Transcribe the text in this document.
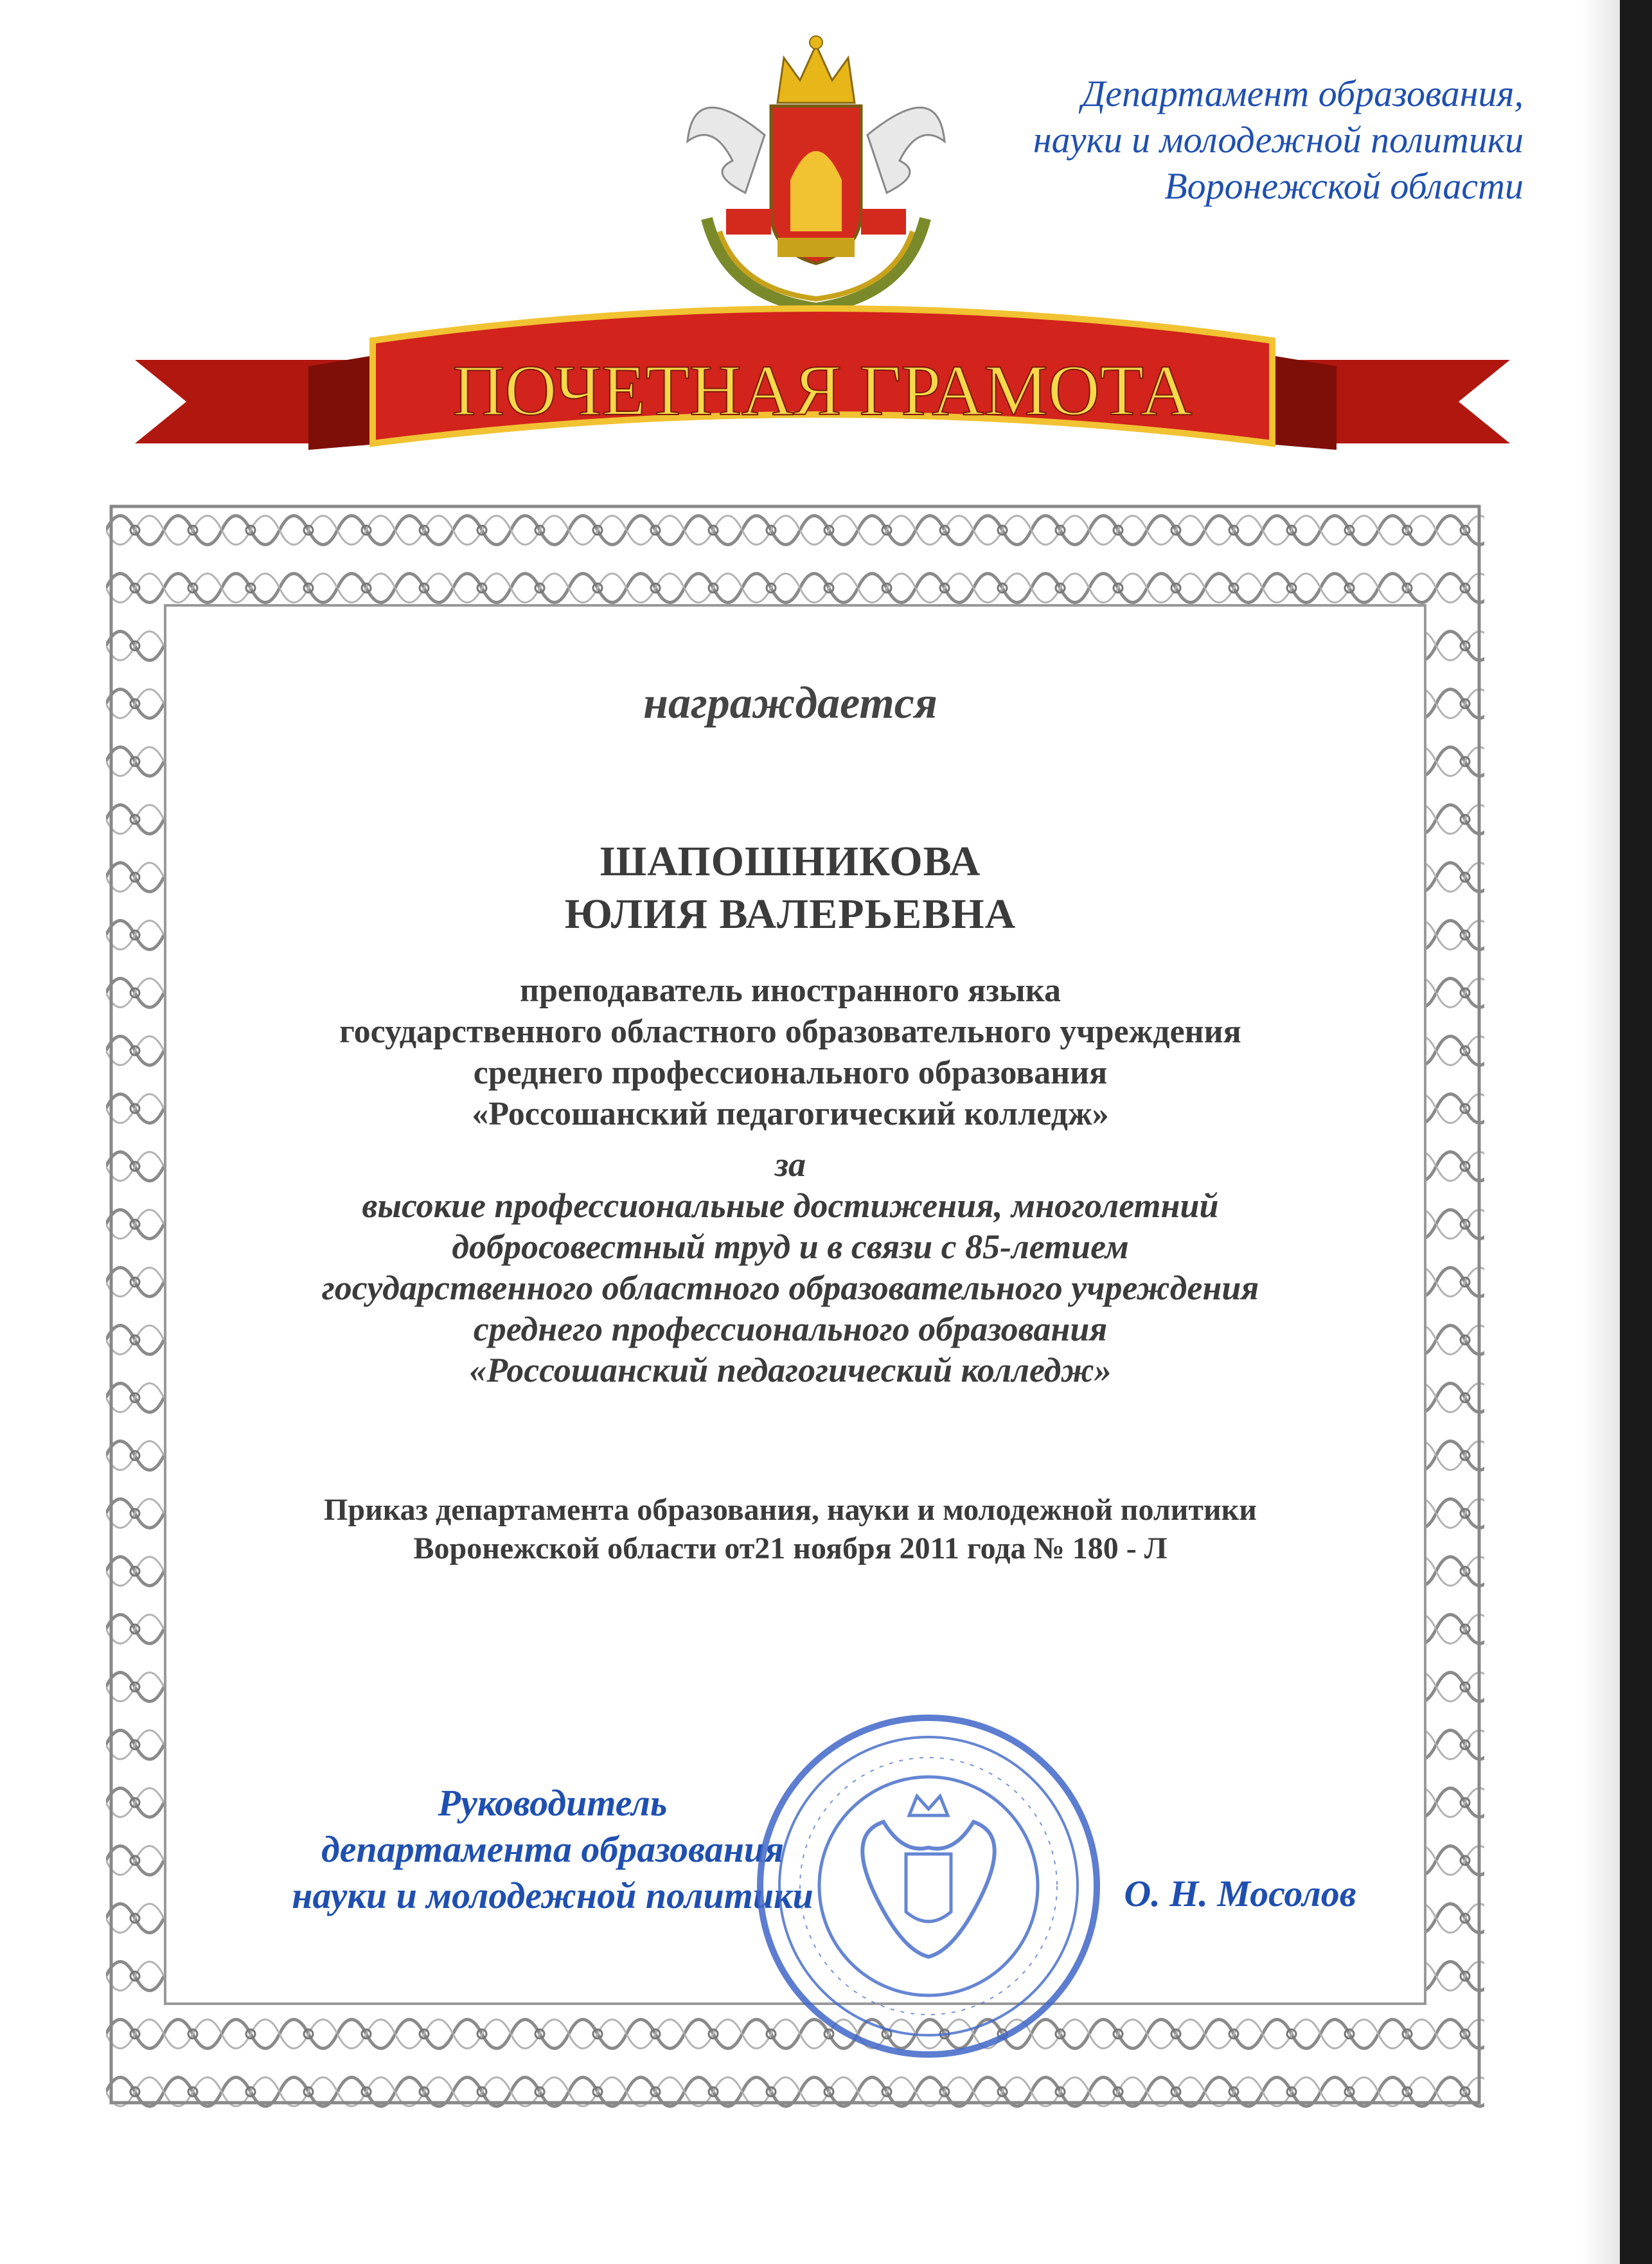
Департамент образования,
науки и молодежной политики
Воронежской области
ПОЧЕТНАЯ ГРАМОТА
награждается
ШАПОШНИКОВА
ЮЛИЯ ВАЛЕРЬЕВНА
преподаватель иностранного языка
государственного областного образовательного учреждения
среднего профессионального образования
«Россошанский педагогический колледж»
за
высокие профессиональные достижения, многолетний
добросовестный труд и в связи с 85-летием
государственного областного образовательного учреждения
среднего профессионального образования
«Россошанский педагогический колледж»
Приказ департамента образования, науки и молодежной политики
Воронежской области от21 ноября 2011 года № 180 - Л
Руководитель
департамента образования
науки и молодежной политики	О. Н. Мосолов
